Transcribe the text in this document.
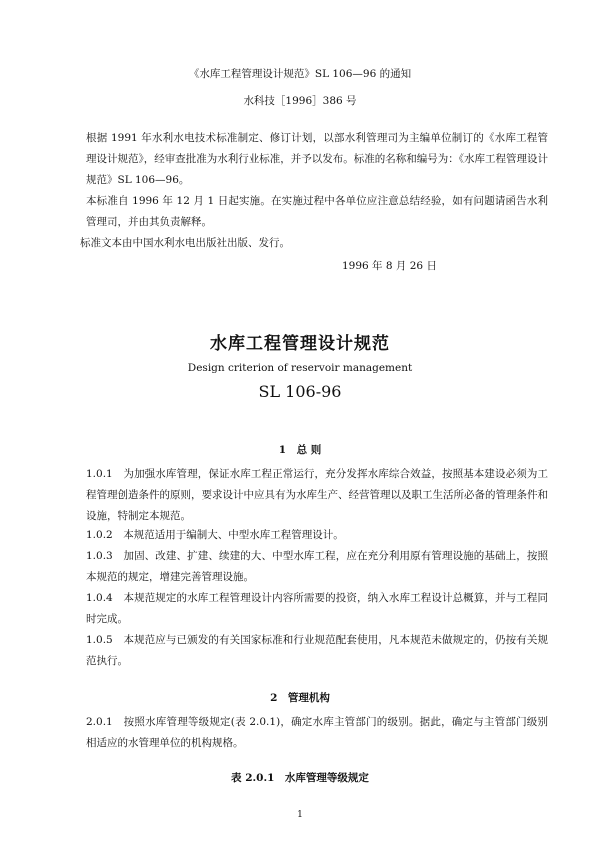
《水库工程管理设计规范》SL 106—96 的通知
水科技［1996］386 号
根据 1991 年水利水电技术标准制定、修订计划，以部水利管理司为主编单位制订的《水库工程管理设计规范》，经审查批准为水利行业标准，并予以发布。标准的名称和编号为：《水库工程管理设计规范》SL 106—96。
本标准自 1996 年 12 月 1 日起实施。在实施过程中各单位应注意总结经验，如有问题请函告水利管理司，并由其负责解释。
标准文本由中国水利水电出版社出版、发行。
1996 年 8 月 26 日
水库工程管理设计规范
Design criterion of reservoir management
SL 106-96
1　总 则
1.0.1　为加强水库管理，保证水库工程正常运行，充分发挥水库综合效益，按照基本建设必须为工程管理创造条件的原则，要求设计中应具有为水库生产、经营管理以及职工生活所必备的管理条件和设施，特制定本规范。
1.0.2　本规范适用于编制大、中型水库工程管理设计。
1.0.3　加固、改建、扩建、续建的大、中型水库工程，应在充分利用原有管理设施的基础上，按照本规范的规定，增建完善管理设施。
1.0.4　本规范规定的水库工程管理设计内容所需要的投资，纳入水库工程设计总概算，并与工程同时完成。
1.0.5　本规范应与已颁发的有关国家标准和行业规范配套使用，凡本规范未做规定的，仍按有关规范执行。
2　管理机构
2.0.1　按照水库管理等级规定(表 2.0.1)，确定水库主管部门的级别。据此，确定与主管部门级别相适应的水管理单位的机构规格。
表 2.0.1　水库管理等级规定
1
